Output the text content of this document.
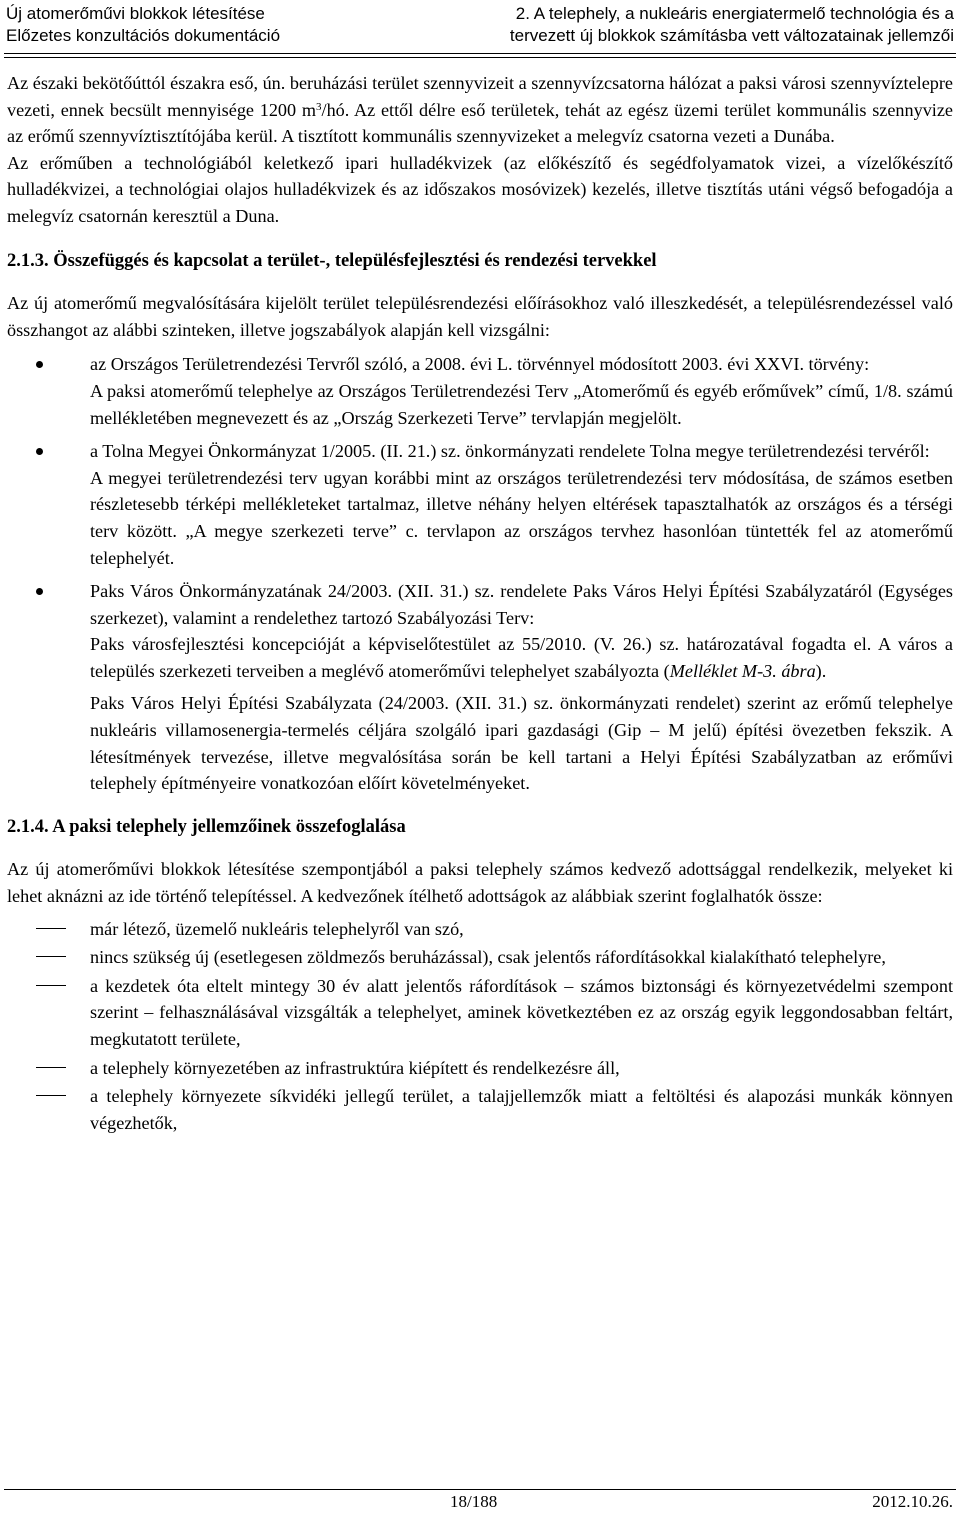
Új atomerőművi blokkok létesítése
Előzetes konzultációs dokumentáció
2. A telephely, a nukleáris energiatermelő technológia és a
tervezett új blokkok számításba vett változatainak jellemzői

Az északi bekötőúttól északra eső, ún. beruházási terület szennyvizeit a szennyvízcsatorna hálózat a paksi városi szennyvíztelepre vezeti, ennek becsült mennyisége 1200 $m^3/hó$. Az ettől délre eső területek, tehát az egész üzemi terület kommunális szennyvize az erőmű szennyvíztisztítójába kerül. A tisztított kommunális szennyvizeket a melegvíz csatorna vezeti a Dunába.

Az erőműben a technológiából keletkező ipari hulladékvizek (az előkészítő és segédfolyamatok vizei, a vízelőkészítő hulladékvizei, a technológiai olajos hulladékvizek és az időszakos mosóvizek) kezelés, illetve tisztítás utáni végső befogadója a melegvíz csatornán keresztül a Duna.

2.1.3. Összefüggés és kapcsolat a terület-, településfejlesztési és rendezési tervekkel

Az új atomerőmű megvalósítására kijelölt terület településrendezési előírásokhoz való illeszkedését, a településrendezéssel való összhangot az alábbi szinteken, illetve jogszabályok alapján kell vizsgálni:

az Országos Területrendezési Tervről szóló, a 2008. évi L. törvénnyel módosított 2003. évi XXVI. törvény:

A paksi atomerőmű telephelye az Országos Területrendezési Terv „Atomerőmű és egyéb erőművek” című, 1/8. számú mellékletében megnevezett és az „Ország Szerkezeti Terve” tervlapján megjelölt.

a Tolna Megyei Önkormányzat 1/2005. (II. 21.) sz. önkormányzati rendelete Tolna megye területrendezési tervéről:

A megyei területrendezési terv ugyan korábbi mint az országos területrendezési terv módosítása, de számos esetben részletesebb térképi mellékleteket tartalmaz, illetve néhány helyen eltérések tapasztalhatók az országos és a térségi terv között. „A megye szerkezeti terve” c. tervlapon az országos tervhez hasonlóan tüntették fel az atomerőmű telephelyét.

Paks Város Önkormányzatának 24/2003. (XII. 31.) sz. rendelete Paks Város Helyi Építési Szabályzatáról (Egységes szerkezet), valamint a rendelethez tartozó Szabályozási Terv:

Paks városfejlesztési koncepcióját a képviselőtestület az 55/2010. (V. 26.) sz. határozatával fogadta el. A város a település szerkezeti terveiben a meglévő atomerőművi telephelyet szabályozta (Melléklet M-3. ábra).

Paks Város Helyi Építési Szabályzata (24/2003. (XII. 31.) sz. önkormányzati rendelet) szerint az erőmű telephelye nukleáris villamosenergia-termelés céljára szolgáló ipari gazdasági (Gip – M jelű) építési övezetben fekszik. A létesítmények tervezése, illetve megvalósítása során be kell tartani a Helyi Építési Szabályzatban az erőművi telephely építményeire vonatkozóan előírt követelményeket.

2.1.4. A paksi telephely jellemzőinek összefoglalása

Az új atomerőművi blokkok létesítése szempontjából a paksi telephely számos kedvező adottsággal rendelkezik, melyeket ki lehet aknázni az ide történő telepítéssel. A kedvezőnek ítélhető adottságok az alábbiak szerint foglalhatók össze:

már létező, üzemelő nukleáris telephelyről van szó,

nincs szükség új (esetlegesen zöldmezős beruházással), csak jelentős ráfordításokkal kialakítható telephelyre,

a kezdetek óta eltelt mintegy 30 év alatt jelentős ráfordítások – számos biztonsági és környezetvédelmi szempont szerint – felhasználásával vizsgálták a telephelyet, aminek következtében ez az ország egyik leggondosabban feltárt, megkutatott területe,

a telephely környezetében az infrastruktúra kiépített és rendelkezésre áll,

a telephely környezete síkvidéki jellegű terület, a talajjellemzők miatt a feltöltési és alapozási munkák könnyen végezhetők,

18/188	2012.10.26.
